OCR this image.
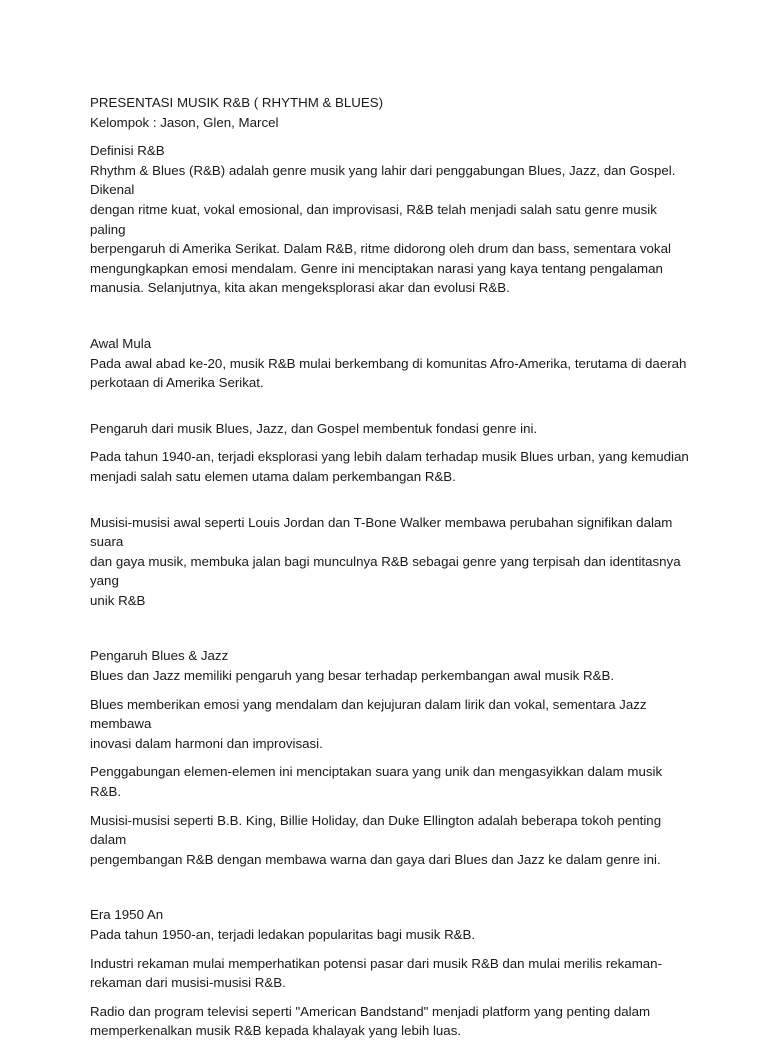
PRESENTASI MUSIK R&B ( RHYTHM & BLUES)

Kelompok : Jason, Glen, Marcel

Definisi R&B

Rhythm & Blues (R&B) adalah genre musik yang lahir dari penggabungan Blues, Jazz, dan Gospel. Dikenal
dengan ritme kuat, vokal emosional, dan improvisasi, R&B telah menjadi salah satu genre musik paling
berpengaruh di Amerika Serikat. Dalam R&B, ritme didorong oleh drum dan bass, sementara vokal
mengungkapkan emosi mendalam. Genre ini menciptakan narasi yang kaya tentang pengalaman
manusia. Selanjutnya, kita akan mengeksplorasi akar dan evolusi R&B.

Awal Mula

Pada awal abad ke-20, musik R&B mulai berkembang di komunitas Afro-Amerika, terutama di daerah
perkotaan di Amerika Serikat.

Pengaruh dari musik Blues, Jazz, dan Gospel membentuk fondasi genre ini.

Pada tahun 1940-an, terjadi eksplorasi yang lebih dalam terhadap musik Blues urban, yang kemudian
menjadi salah satu elemen utama dalam perkembangan R&B.

Musisi-musisi awal seperti Louis Jordan dan T-Bone Walker membawa perubahan signifikan dalam suara
dan gaya musik, membuka jalan bagi munculnya R&B sebagai genre yang terpisah dan identitasnya yang
unik R&B

Pengaruh Blues & Jazz

Blues dan Jazz memiliki pengaruh yang besar terhadap perkembangan awal musik R&B.

Blues memberikan emosi yang mendalam dan kejujuran dalam lirik dan vokal, sementara Jazz membawa
inovasi dalam harmoni dan improvisasi.

Penggabungan elemen-elemen ini menciptakan suara yang unik dan mengasyikkan dalam musik R&B.

Musisi-musisi seperti B.B. King, Billie Holiday, dan Duke Ellington adalah beberapa tokoh penting dalam
pengembangan R&B dengan membawa warna dan gaya dari Blues dan Jazz ke dalam genre ini.

Era 1950 An

Pada tahun 1950-an, terjadi ledakan popularitas bagi musik R&B.

Industri rekaman mulai memperhatikan potensi pasar dari musik R&B dan mulai merilis rekaman-
rekaman dari musisi-musisi R&B.

Radio dan program televisi seperti "American Bandstand" menjadi platform yang penting dalam
memperkenalkan musik R&B kepada khalayak yang lebih luas.
